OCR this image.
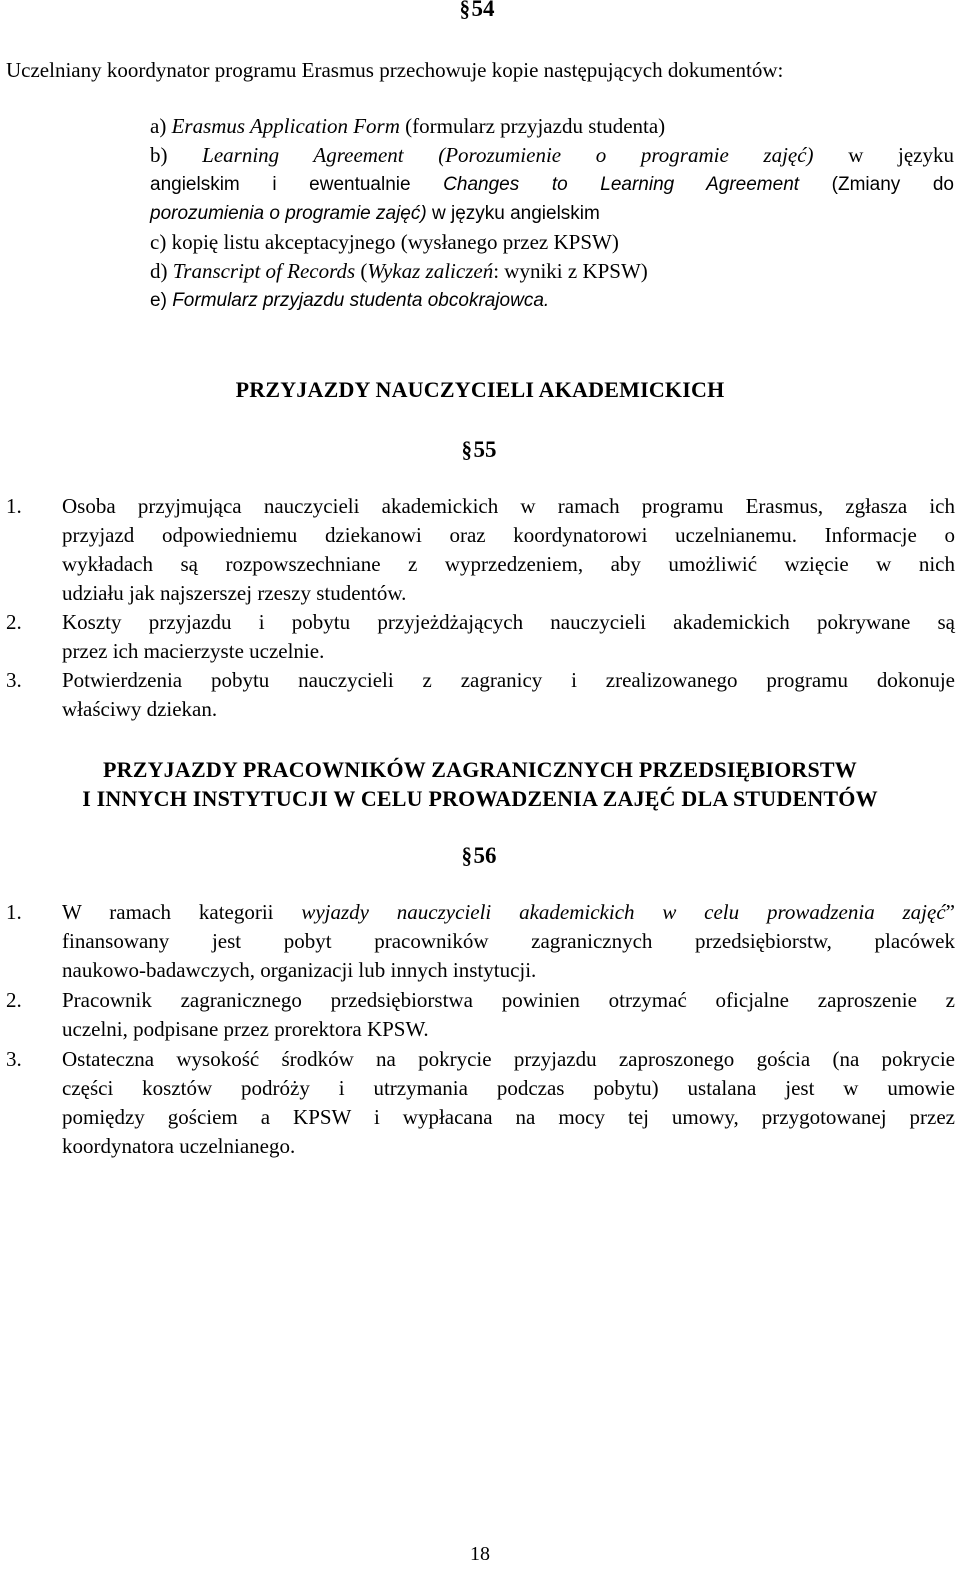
§54
Uczelniany koordynator programu Erasmus przechowuje kopie następujących dokumentów:
a) Erasmus Application Form (formularz przyjazdu studenta)
b) Learning Agreement (Porozumienie o programie zajęć) w języku
angielskim i ewentualnie Changes to Learning Agreement (Zmiany do
porozumienia o programie zajęć) w języku angielskim
c) kopię listu akceptacyjnego (wysłanego przez KPSW)
d) Transcript of Records (Wykaz zaliczeń: wyniki z KPSW)
e) Formularz przyjazdu studenta obcokrajowca.
PRZYJAZDY NAUCZYCIELI AKADEMICKICH
§55
1. Osoba przyjmująca nauczycieli akademickich w ramach programu Erasmus, zgłasza ich
przyjazd odpowiedniemu dziekanowi oraz koordynatorowi uczelnianemu. Informacje o
wykładach są rozpowszechniane z wyprzedzeniem, aby umożliwić wzięcie w nich
udziału jak najszerszej rzeszy studentów.
2. Koszty przyjazdu i pobytu przyjeżdżających nauczycieli akademickich pokrywane są
przez ich macierzyste uczelnie.
3. Potwierdzenia pobytu nauczycieli z zagranicy i zrealizowanego programu dokonuje
właściwy dziekan.
PRZYJAZDY PRACOWNIKÓW ZAGRANICZNYCH PRZEDSIĘBIORSTW
I INNYCH INSTYTUCJI W CELU PROWADZENIA ZAJĘĆ DLA STUDENTÓW
§56
1. W ramach kategorii wyjazdy nauczycieli akademickich w celu prowadzenia zajęć”
finansowany jest pobyt pracowników zagranicznych przedsiębiorstw, placówek
naukowo-badawczych, organizacji lub innych instytucji.
2. Pracownik zagranicznego przedsiębiorstwa powinien otrzymać oficjalne zaproszenie z
uczelni, podpisane przez prorektora KPSW.
3. Ostateczna wysokość środków na pokrycie przyjazdu zaproszonego gościa (na pokrycie
części kosztów podróży i utrzymania podczas pobytu) ustalana jest w umowie
pomiędzy gościem a KPSW i wypłacana na mocy tej umowy, przygotowanej przez
koordynatora uczelnianego.
18
